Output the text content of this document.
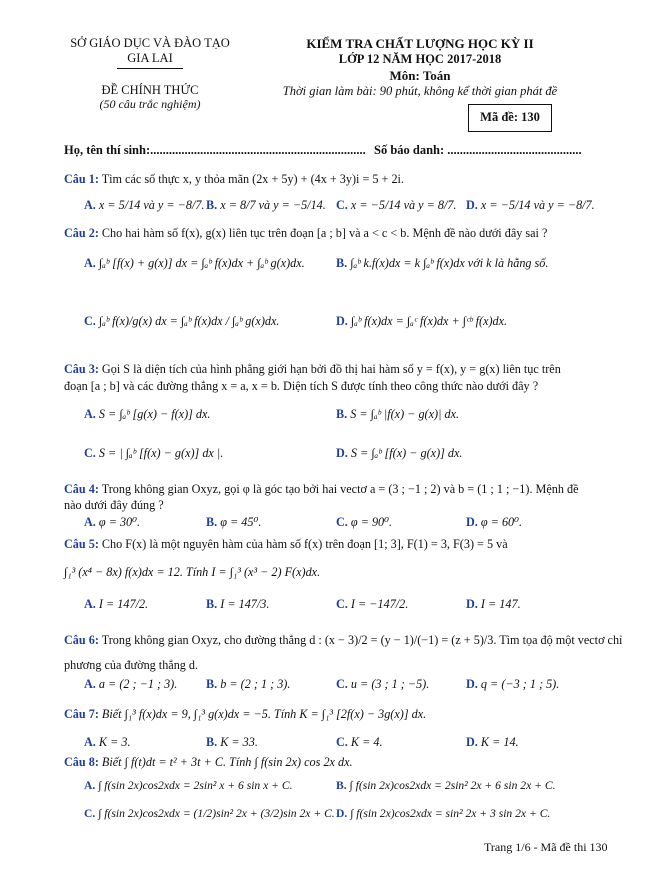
SỞ GIÁO DỤC VÀ ĐÀO TẠO
GIA LAI
ĐỀ CHÍNH THỨC
(50 câu trắc nghiệm)
KIỂM TRA CHẤT LƯỢNG HỌC KỲ II
LỚP 12 NĂM HỌC 2017-2018
Môn: Toán
Thời gian làm bài: 90 phút, không kể thời gian phát đề
Mã đề: 130
Họ, tên thí sinh:..................................................................... Số báo danh: ...........................................
Câu 1: Tìm các số thực x, y thỏa mãn (2x + 5y) + (4x + 3y)i = 5 + 2i.
A. x = 5/14 và y = −8/7. B. x = 8/7 và y = −5/14. C. x = −5/14 và y = 8/7. D. x = −5/14 và y = −8/7.
Câu 2: Cho hai hàm số f(x), g(x) liên tục trên đoạn [a ; b] và a < c < b. Mệnh đề nào dưới đây sai ?
A. ∫ₐᵇ [f(x) + g(x)] dx = ∫ₐᵇ f(x)dx + ∫ₐᵇ g(x)dx.	B. ∫ₐᵇ k.f(x)dx = k ∫ₐᵇ f(x)dx với k là hằng số.
C. ∫ₐᵇ f(x)/g(x) dx = ∫ₐᵇ f(x)dx / ∫ₐᵇ g(x)dx.	D. ∫ₐᵇ f(x)dx = ∫ₐᶜ f(x)dx + ∫ᶜᵇ f(x)dx.
Câu 3: Gọi S là diện tích của hình phẳng giới hạn bởi đồ thị hai hàm số y = f(x), y = g(x) liên tục trên
đoạn [a ; b] và các đường thẳng x = a, x = b. Diện tích S được tính theo công thức nào dưới đây ?
A. S = ∫ₐᵇ [g(x) − f(x)] dx.	B. S = ∫ₐᵇ |f(x) − g(x)| dx.
C. S = | ∫ₐᵇ [f(x) − g(x)] dx |.	D. S = ∫ₐᵇ [f(x) − g(x)] dx.
Câu 4: Trong không gian Oxyz, gọi φ là góc tạo bởi hai vectơ a = (3 ; −1 ; 2) và b = (1 ; 1 ; −1). Mệnh đề
nào dưới đây đúng ?
A. φ = 30⁰.	B. φ = 45⁰.	C. φ = 90⁰.	D. φ = 60⁰.
Câu 5: Cho F(x) là một nguyên hàm của hàm số f(x) trên đoạn [1; 3], F(1) = 3, F(3) = 5 và
∫₁³ (x⁴ − 8x) f(x)dx = 12. Tính I = ∫₁³ (x³ − 2) F(x)dx.
A. I = 147/2.	B. I = 147/3.	C. I = −147/2.	D. I = 147.
Câu 6: Trong không gian Oxyz, cho đường thẳng d : (x − 3)/2 = (y − 1)/(−1) = (z + 5)/3. Tìm tọa độ một vectơ chỉ
phương của đường thẳng d.
A. a = (2 ; −1 ; 3). B. b = (2 ; 1 ; 3).	C. u = (3 ; 1 ; −5).	D. q = (−3 ; 1 ; 5).
Câu 7: Biết ∫₁³ f(x)dx = 9, ∫₁³ g(x)dx = −5. Tính K = ∫₁³ [2f(x) − 3g(x)] dx.
A. K = 3.	B. K = 33.	C. K = 4.	D. K = 14.
Câu 8: Biết ∫ f(t)dt = t² + 3t + C. Tính ∫ f(sin 2x) cos 2x dx.
A. ∫ f(sin 2x)cos2xdx = 2sin² x + 6 sin x + C.	B. ∫ f(sin 2x)cos2xdx = 2sin² 2x + 6 sin 2x + C.
C. ∫ f(sin 2x)cos2xdx = (1/2)sin² 2x + (3/2)sin 2x + C. D. ∫ f(sin 2x)cos2xdx = sin² 2x + 3 sin 2x + C.
Trang 1/6 - Mã đề thi 130
